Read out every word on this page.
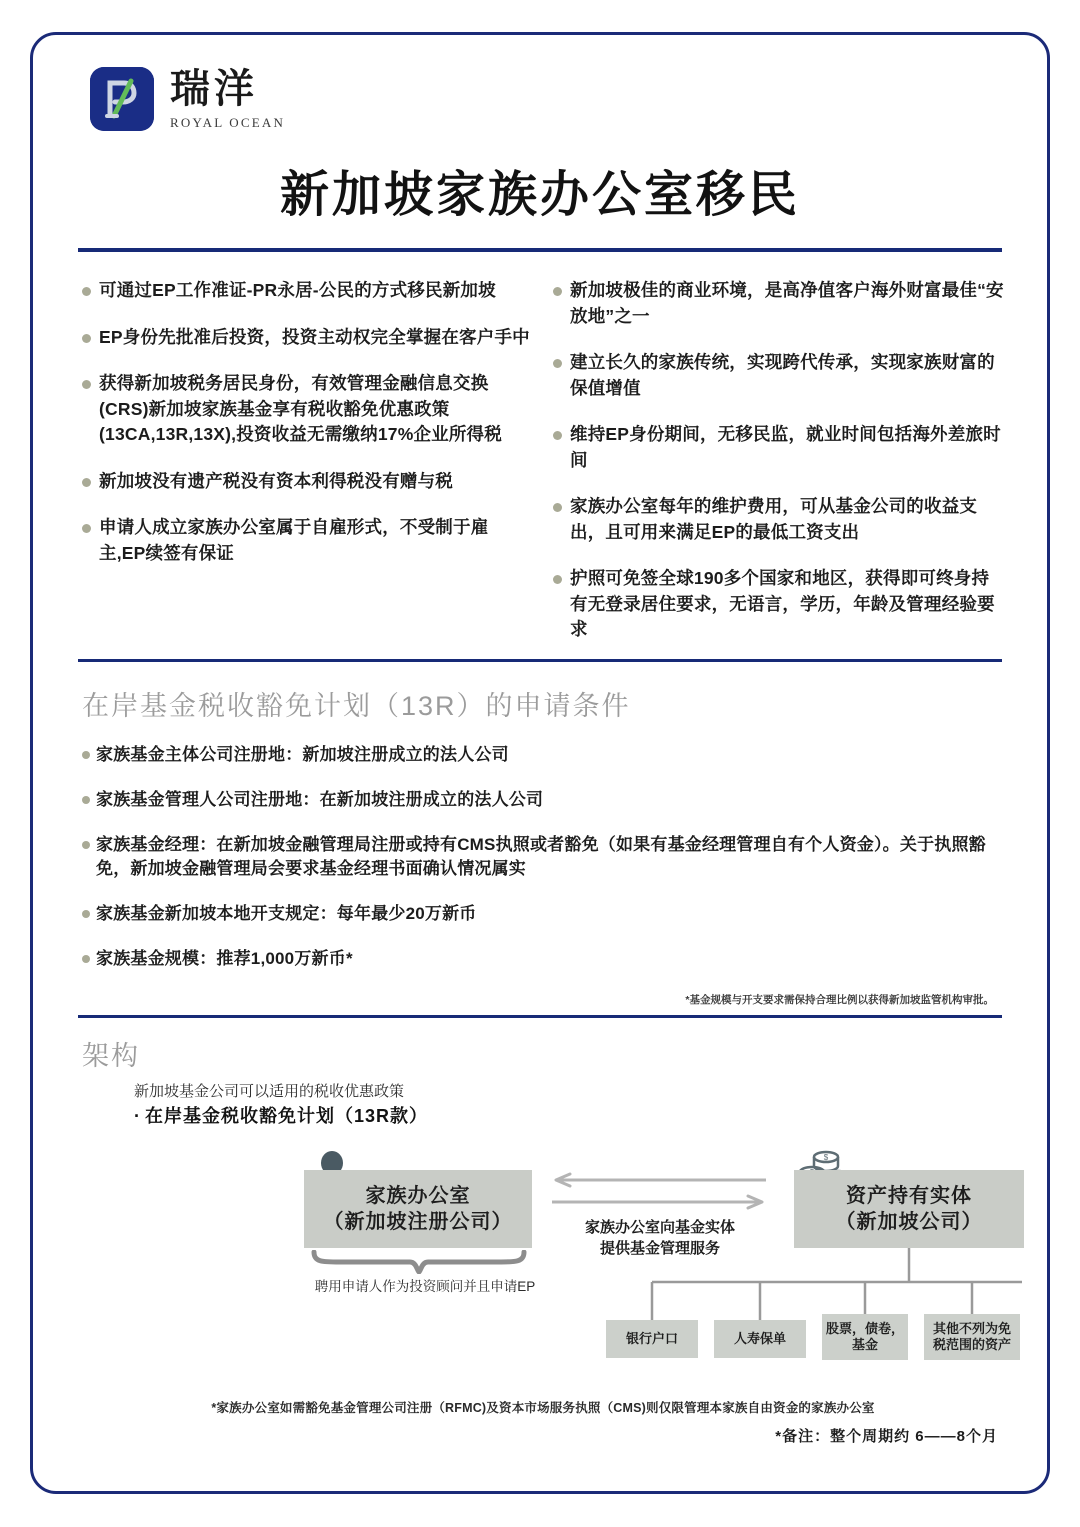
瑞洋
ROYAL OCEAN
新加坡家族办公室移民
可通过EP工作准证-PR永居-公民的方式移民新加坡
EP身份先批准后投资，投资主动权完全掌握在客户手中
获得新加坡税务居民身份，有效管理金融信息交换(CRS)新加坡家族基金享有税收豁免优惠政策(13CA,13R,13X),投资收益无需缴纳17%企业所得税
新加坡没有遗产税没有资本利得税没有赠与税
申请人成立家族办公室属于自雇形式，不受制于雇主,EP续签有保证
新加坡极佳的商业环境，是高净值客户海外财富最佳“安放地”之一
建立长久的家族传统，实现跨代传承，实现家族财富的保值增值
维持EP身份期间，无移民监，就业时间包括海外差旅时间
家族办公室每年的维护费用，可从基金公司的收益支出，且可用来满足EP的最低工资支出
护照可免签全球190多个国家和地区，获得即可终身持有无登录居住要求，无语言，学历，年龄及管理经验要求
在岸基金税收豁免计划（13R）的申请条件
家族基金主体公司注册地：新加坡注册成立的法人公司
家族基金管理人公司注册地：在新加坡注册成立的法人公司
家族基金经理：在新加坡金融管理局注册或持有CMS执照或者豁免（如果有基金经理管理自有个人资金）。关于执照豁免，新加坡金融管理局会要求基金经理书面确认情况属实
家族基金新加坡本地开支规定：每年最少20万新币
家族基金规模：推荐1,000万新币*
*基金规模与开支要求需保持合理比例以获得新加坡监管机构审批。
架构
新加坡基金公司可以适用的税收优惠政策
· 在岸基金税收豁免计划（13R款）
家族办公室
（新加坡注册公司）
聘用申请人作为投资顾问并且申请EP
家族办公室向基金实体
提供基金管理服务
$
资产持有实体
（新加坡公司）
银行户口	人寿保单
股票，债卷，
基金
其他不列为免
税范围的资产
*家族办公室如需豁免基金管理公司注册（RFMC)及资本市场服务执照（CMS)则仅限管理本家族自由资金的家族办公室
*备注：整个周期约 6——8个月
